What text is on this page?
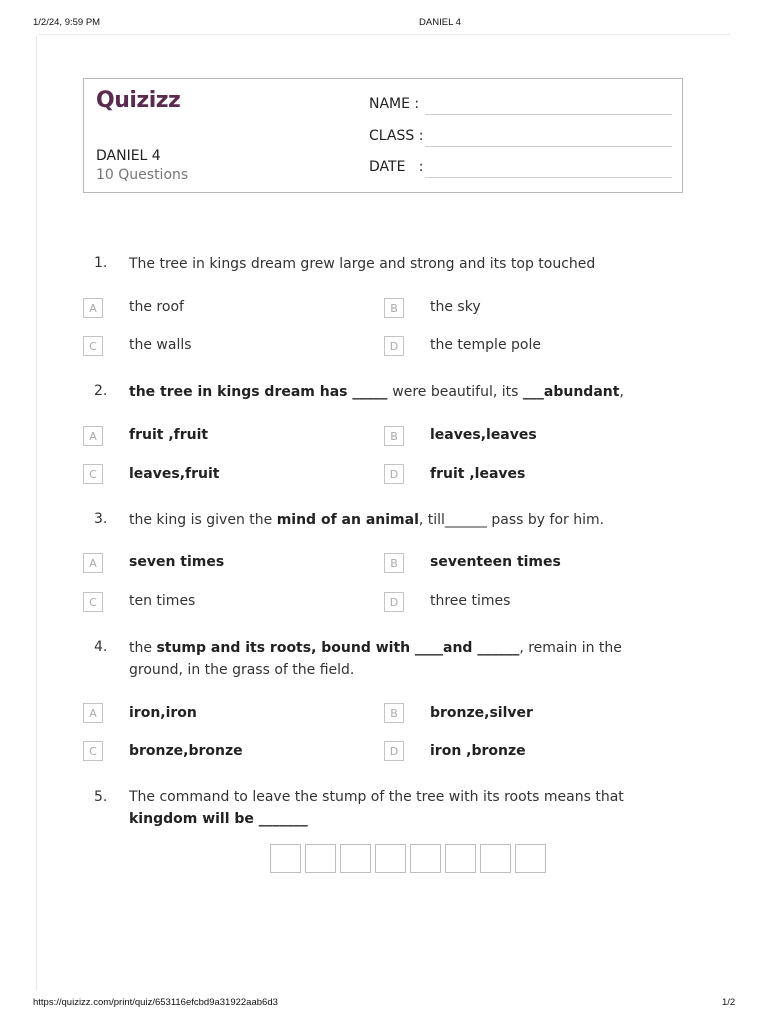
1/2/24, 9:59 PM	DANIEL 4
Quizizz
DANIEL 4
10 Questions
NAME :
CLASS :
DATE   :
1. The tree in kings dream grew large and strong and its top touched
A	the roof	B	the sky
C	the walls	D	the temple pole
2. the tree in kings dream has _____ were beautiful, its ___abundant,
A	fruit ,fruit	B	leaves,leaves
C	leaves,fruit	D	fruit ,leaves
3. the king is given the mind of an animal, till______ pass by for him.
A	seven times	B	seventeen times
C	ten times	D	three times
4. the stump and its roots, bound with ____and ______, remain in the ground, in the grass of the field.
A	iron,iron	B	bronze,silver
C	bronze,bronze	D	iron ,bronze
5. The command to leave the stump of the tree with its roots means that
kingdom will be _______
https://quizizz.com/print/quiz/653116efcbd9a31922aab6d3	1/2
